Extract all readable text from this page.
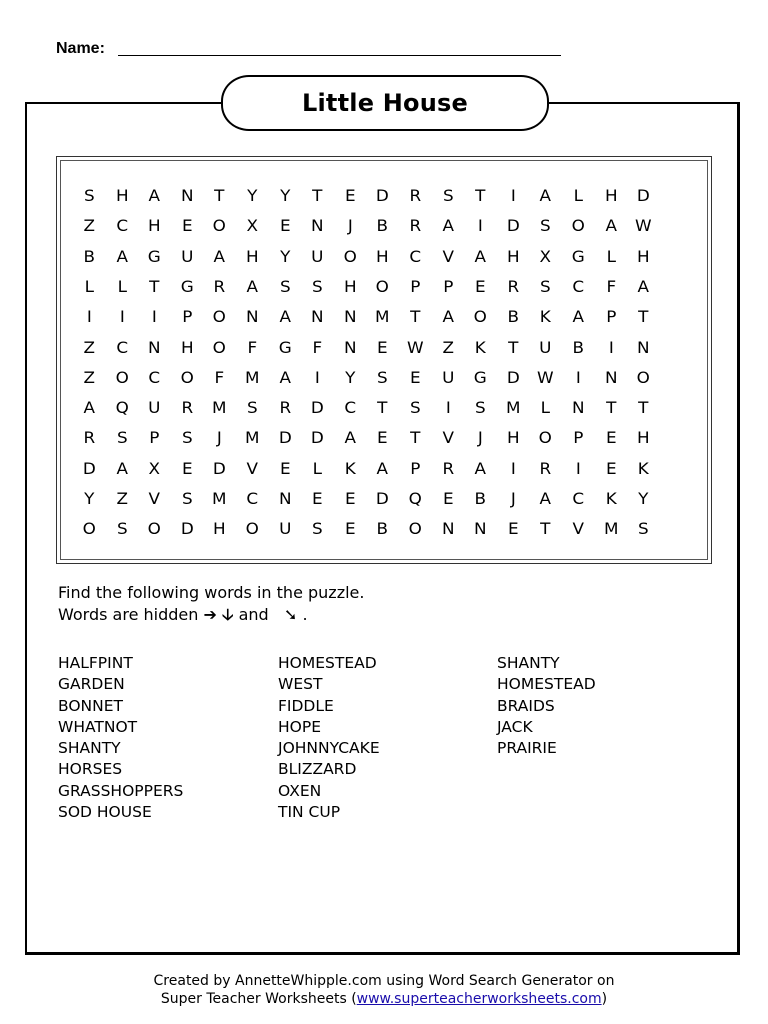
Name:
Little House
S	H	A	N	T	Y	Y	T	E	D	R	S	T	I	A	L	H	D
Z	C	H	E	O	X	E	N	J	B	R	A	I	D	S	O	A	W
B	A	G	U	A	H	Y	U	O	H	C	V	A	H	X	G	L	H
L	L	T	G	R	A	S	S	H	O	P	P	E	R	S	C	F	A
I	I	I	P	O	N	A	N	N	M	T	A	O	B	K	A	P	T
Z	C	N	H	O	F	G	F	N	E	W	Z	K	T	U	B	I	N
Z	O	C	O	F	M	A	I	Y	S	E	U	G	D	W	I	N	O
A	Q	U	R	M	S	R	D	C	T	S	I	S	M	L	N	T	T
R	S	P	S	J	M	D	D	A	E	T	V	J	H	O	P	E	H
D	A	X	E	D	V	E	L	K	A	P	R	A	I	R	I	E	K
Y	Z	V	S	M	C	N	E	E	D	Q	E	B	J	A	C	K	Y
O	S	O	D	H	O	U	S	E	B	O	N	N	E	T	V	M	S
Find the following words in the puzzle.
Words are hidden ➔ 🡣 and ➘ .
HALFPINT
GARDEN
BONNET
WHATNOT
SHANTY
HORSES
GRASSHOPPERS
SOD HOUSE
HOMESTEAD
WEST
FIDDLE
HOPE
JOHNNYCAKE
BLIZZARD
OXEN
TIN CUP
SHANTY
HOMESTEAD
BRAIDS
JACK
PRAIRIE
Created by AnnetteWhipple.com using Word Search Generator on
Super Teacher Worksheets (www.superteacherworksheets.com)
